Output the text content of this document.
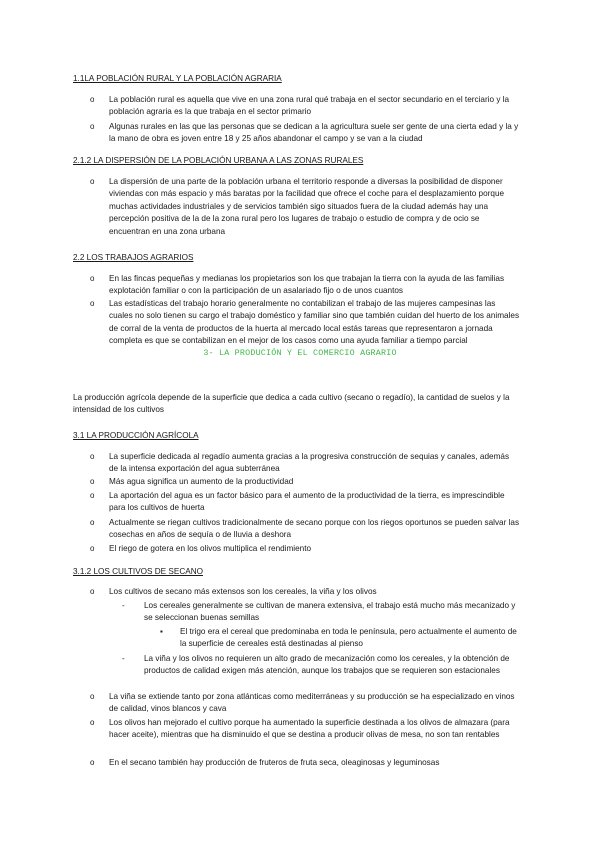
1.1LA POBLACIÓN RURAL Y LA POBLACIÓN AGRARIA
o La población rural es aquella que vive en una zona rural qué trabaja en el sector secundario en el terciario y la población agraria es la que trabaja en el sector primario
o Algunas rurales en las que las personas que se dedican a la agricultura suele ser gente de una cierta edad y la y la mano de obra es joven entre 18 y 25 años abandonar el campo y se van a la ciudad
2.1.2 LA DISPERSIÓN DE LA POBLACIÓN URBANA A LAS ZONAS RURALES
o La dispersión de una parte de la población urbana el territorio responde a diversas la posibilidad de disponer viviendas con más espacio y más baratas por la facilidad que ofrece el coche para el desplazamiento porque muchas actividades industriales y de servicios también sigo situados fuera de la ciudad además hay una percepción positiva de la de la zona rural pero los lugares de trabajo o estudio de compra y de ocio se encuentran en una zona urbana
2.2 LOS TRABAJOS AGRARIOS
o En las fincas pequeñas y medianas los propietarios son los que trabajan la tierra con la ayuda de las familias explotación familiar o con la participación de un asalariado fijo o de unos cuantos
o Las estadísticas del trabajo horario generalmente no contabilizan el trabajo de las mujeres campesinas las cuales no solo tienen su cargo el trabajo doméstico y familiar sino que también cuidan del huerto de los animales de corral de la venta de productos de la huerta al mercado local estás tareas que representaron a jornada completa es que se contabilizan en el mejor de los casos como una ayuda familiar a tiempo parcial
3- LA PRODUCIÓN Y EL COMERCIO AGRARIO
La producción agrícola depende de la superficie que dedica a cada cultivo (secano o regadío), la cantidad de suelos y la intensidad de los cultivos
3.1 LA PRODUCCIÓN AGRÍCOLA
o La superficie dedicada al regadío aumenta gracias a la progresiva construcción de sequias y canales, además de la intensa exportación del agua subterránea
o Más agua significa un aumento de la productividad
o La aportación del agua es un factor básico para el aumento de la productividad de la tierra, es imprescindible para los cultivos de huerta
o Actualmente se riegan cultivos tradicionalmente de secano porque con los riegos oportunos se pueden salvar las cosechas en años de sequía o de lluvia a deshora
o El riego de gotera en los olivos multiplica el rendimiento
3.1.2 LOS CULTIVOS DE SECANO
o Los cultivos de secano más extensos son los cereales, la viña y los olivos
- Los cereales generalmente se cultivan de manera extensiva, el trabajo está mucho más mecanizado y se seleccionan buenas semillas
▪ El trigo era el cereal que predominaba en toda le península, pero actualmente el aumento de la superficie de cereales está destinadas al pienso
- La viña y los olivos no requieren un alto grado de mecanización como los cereales, y la obtención de productos de calidad exigen más atención, aunque los trabajos que se requieren son estacionales
o La viña se extiende tanto por zona atlánticas como mediterráneas y su producción se ha especializado en vinos de calidad, vinos blancos y cava
o Los olivos han mejorado el cultivo porque ha aumentado la superficie destinada a los olivos de almazara (para hacer aceite), mientras que ha disminuido el que se destina a producir olivas de mesa, no son tan rentables
o En el secano también hay producción de fruteros de fruta seca, oleaginosas y leguminosas
